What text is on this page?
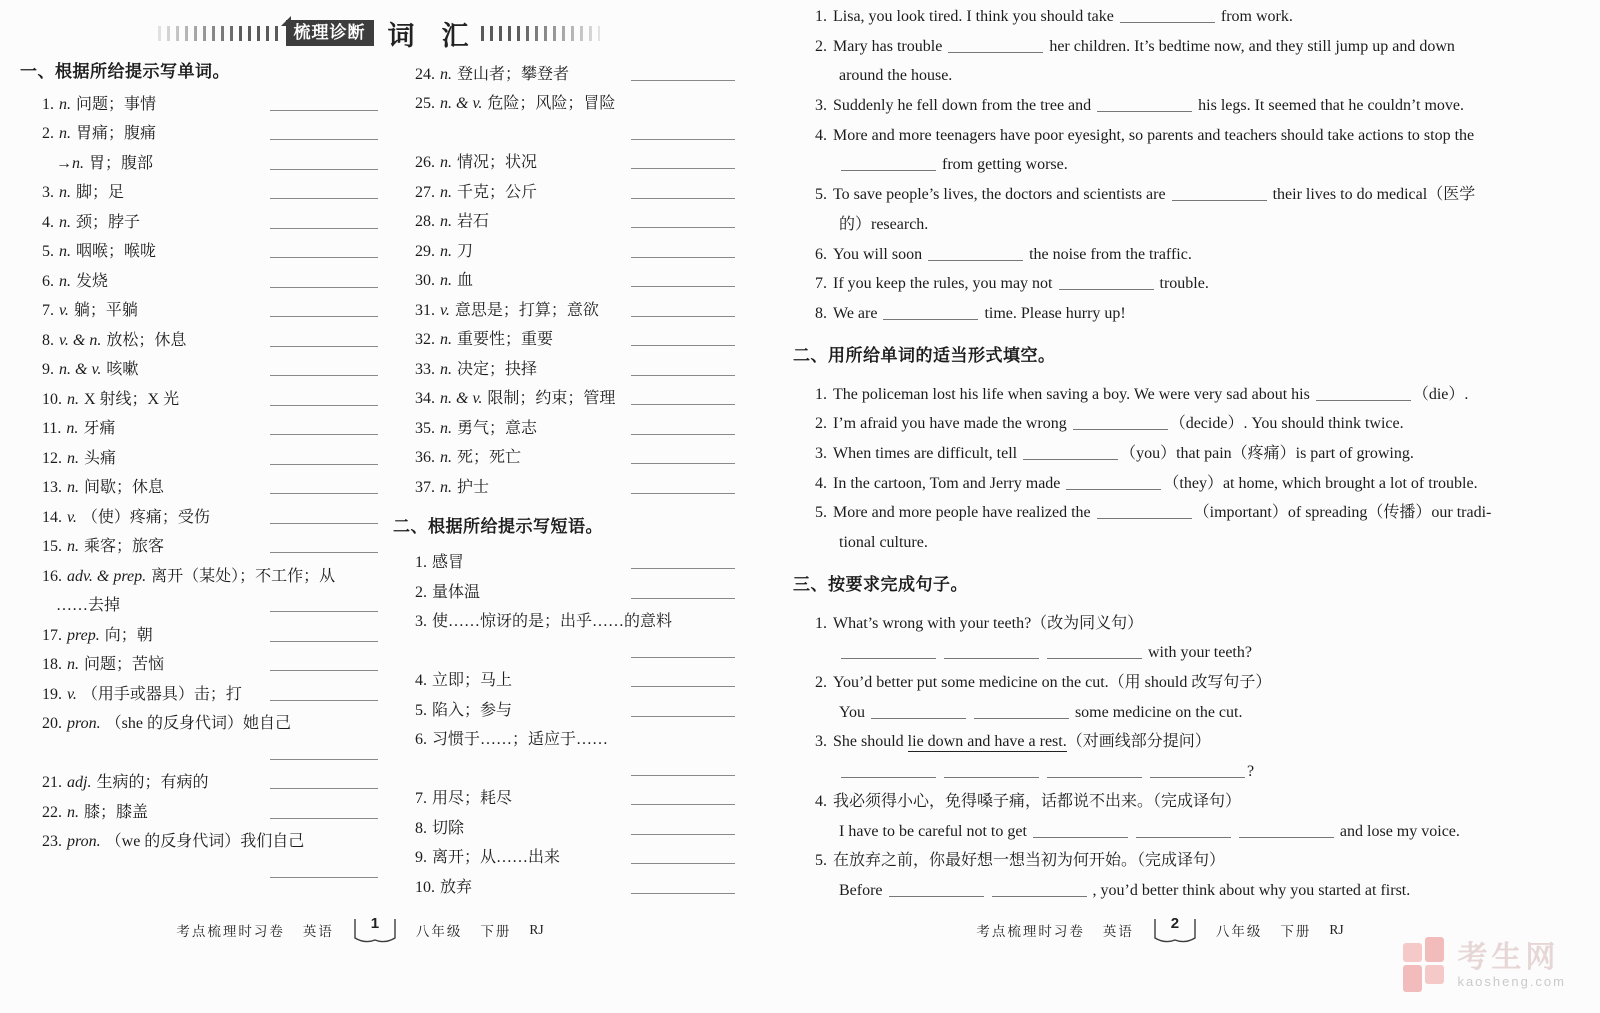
梳理诊断 词　汇
一、根据所给提示写单词。
1. n. 问题；事情
2. n. 胃痛；腹痛
→n. 胃；腹部
3. n. 脚；足
4. n. 颈；脖子
5. n. 咽喉；喉咙
6. n. 发烧
7. v. 躺；平躺
8. v. & n. 放松；休息
9. n. & v. 咳嗽
10. n. X 射线；X 光
11. n. 牙痛
12. n. 头痛
13. n. 间歇；休息
14. v. （使）疼痛；受伤
15. n. 乘客；旅客
16. adv. & prep. 离开（某处）；不工作；从
……去掉
17. prep. 向；朝
18. n. 问题；苦恼
19. v. （用手或器具）击；打
20. pron. （she 的反身代词）她自己
21. adj. 生病的；有病的
22. n. 膝；膝盖
23. pron. （we 的反身代词）我们自己
24. n. 登山者；攀登者
25. n. & v. 危险；风险；冒险
26. n. 情况；状况
27. n. 千克；公斤
28. n. 岩石
29. n. 刀
30. n. 血
31. v. 意思是；打算；意欲
32. n. 重要性；重要
33. n. 决定；抉择
34. n. & v. 限制；约束；管理
35. n. 勇气；意志
36. n. 死；死亡
37. n. 护士
二、根据所给提示写短语。
1. 感冒
2. 量体温
3. 使……惊讶的是；出乎……的意料
4. 立即；马上
5. 陷入；参与
6. 习惯于……；适应于……
7. 用尽；耗尽
8. 切除
9. 离开；从……出来
10. 放弃
1. Lisa, you look tired. I think you should take	from work.
2. Mary has trouble	her children. It’s bedtime now, and they still jump up and down
around the house.
3. Suddenly he fell down from the tree and	his legs. It seemed that he couldn’t move.
4. More and more teenagers have poor eyesight, so parents and teachers should take actions to stop the
from getting worse.
5. To save people’s lives, the doctors and scientists are	their lives to do medical（医学
的）research.
6. You will soon	the noise from the traffic.
7. If you keep the rules, you may not	trouble.
8. We are	time. Please hurry up!
二、用所给单词的适当形式填空。
1. The policeman lost his life when saving a boy. We were very sad about his	（die）.
2. I’m afraid you have made the wrong	（decide）. You should think twice.
3. When times are difficult, tell	（you）that pain（疼痛）is part of growing.
4. In the cartoon, Tom and Jerry made	（they）at home, which brought a lot of trouble.
5. More and more people have realized the	（important）of spreading（传播）our tradi-
tional culture.
三、按要求完成句子。
1. What’s wrong with your teeth?（改为同义句）
with your teeth?
2. You’d better put some medicine on the cut.（用 should 改写句子）
You	some medicine on the cut.
3. She should lie down and have a rest.（对画线部分提问）
?
4. 我必须得小心，免得嗓子痛，话都说不出来。（完成译句）
I have to be careful not to get	and lose my voice.
5. 在放弃之前，你最好想一想当初为何开始。（完成译句）
Before	, you’d better think about why you started at first.
考点梳理时习卷 英语	1	八年级 下册 RJ	考点梳理时习卷 英语	2	八年级 下册 RJ
考生网
kaosheng.com
